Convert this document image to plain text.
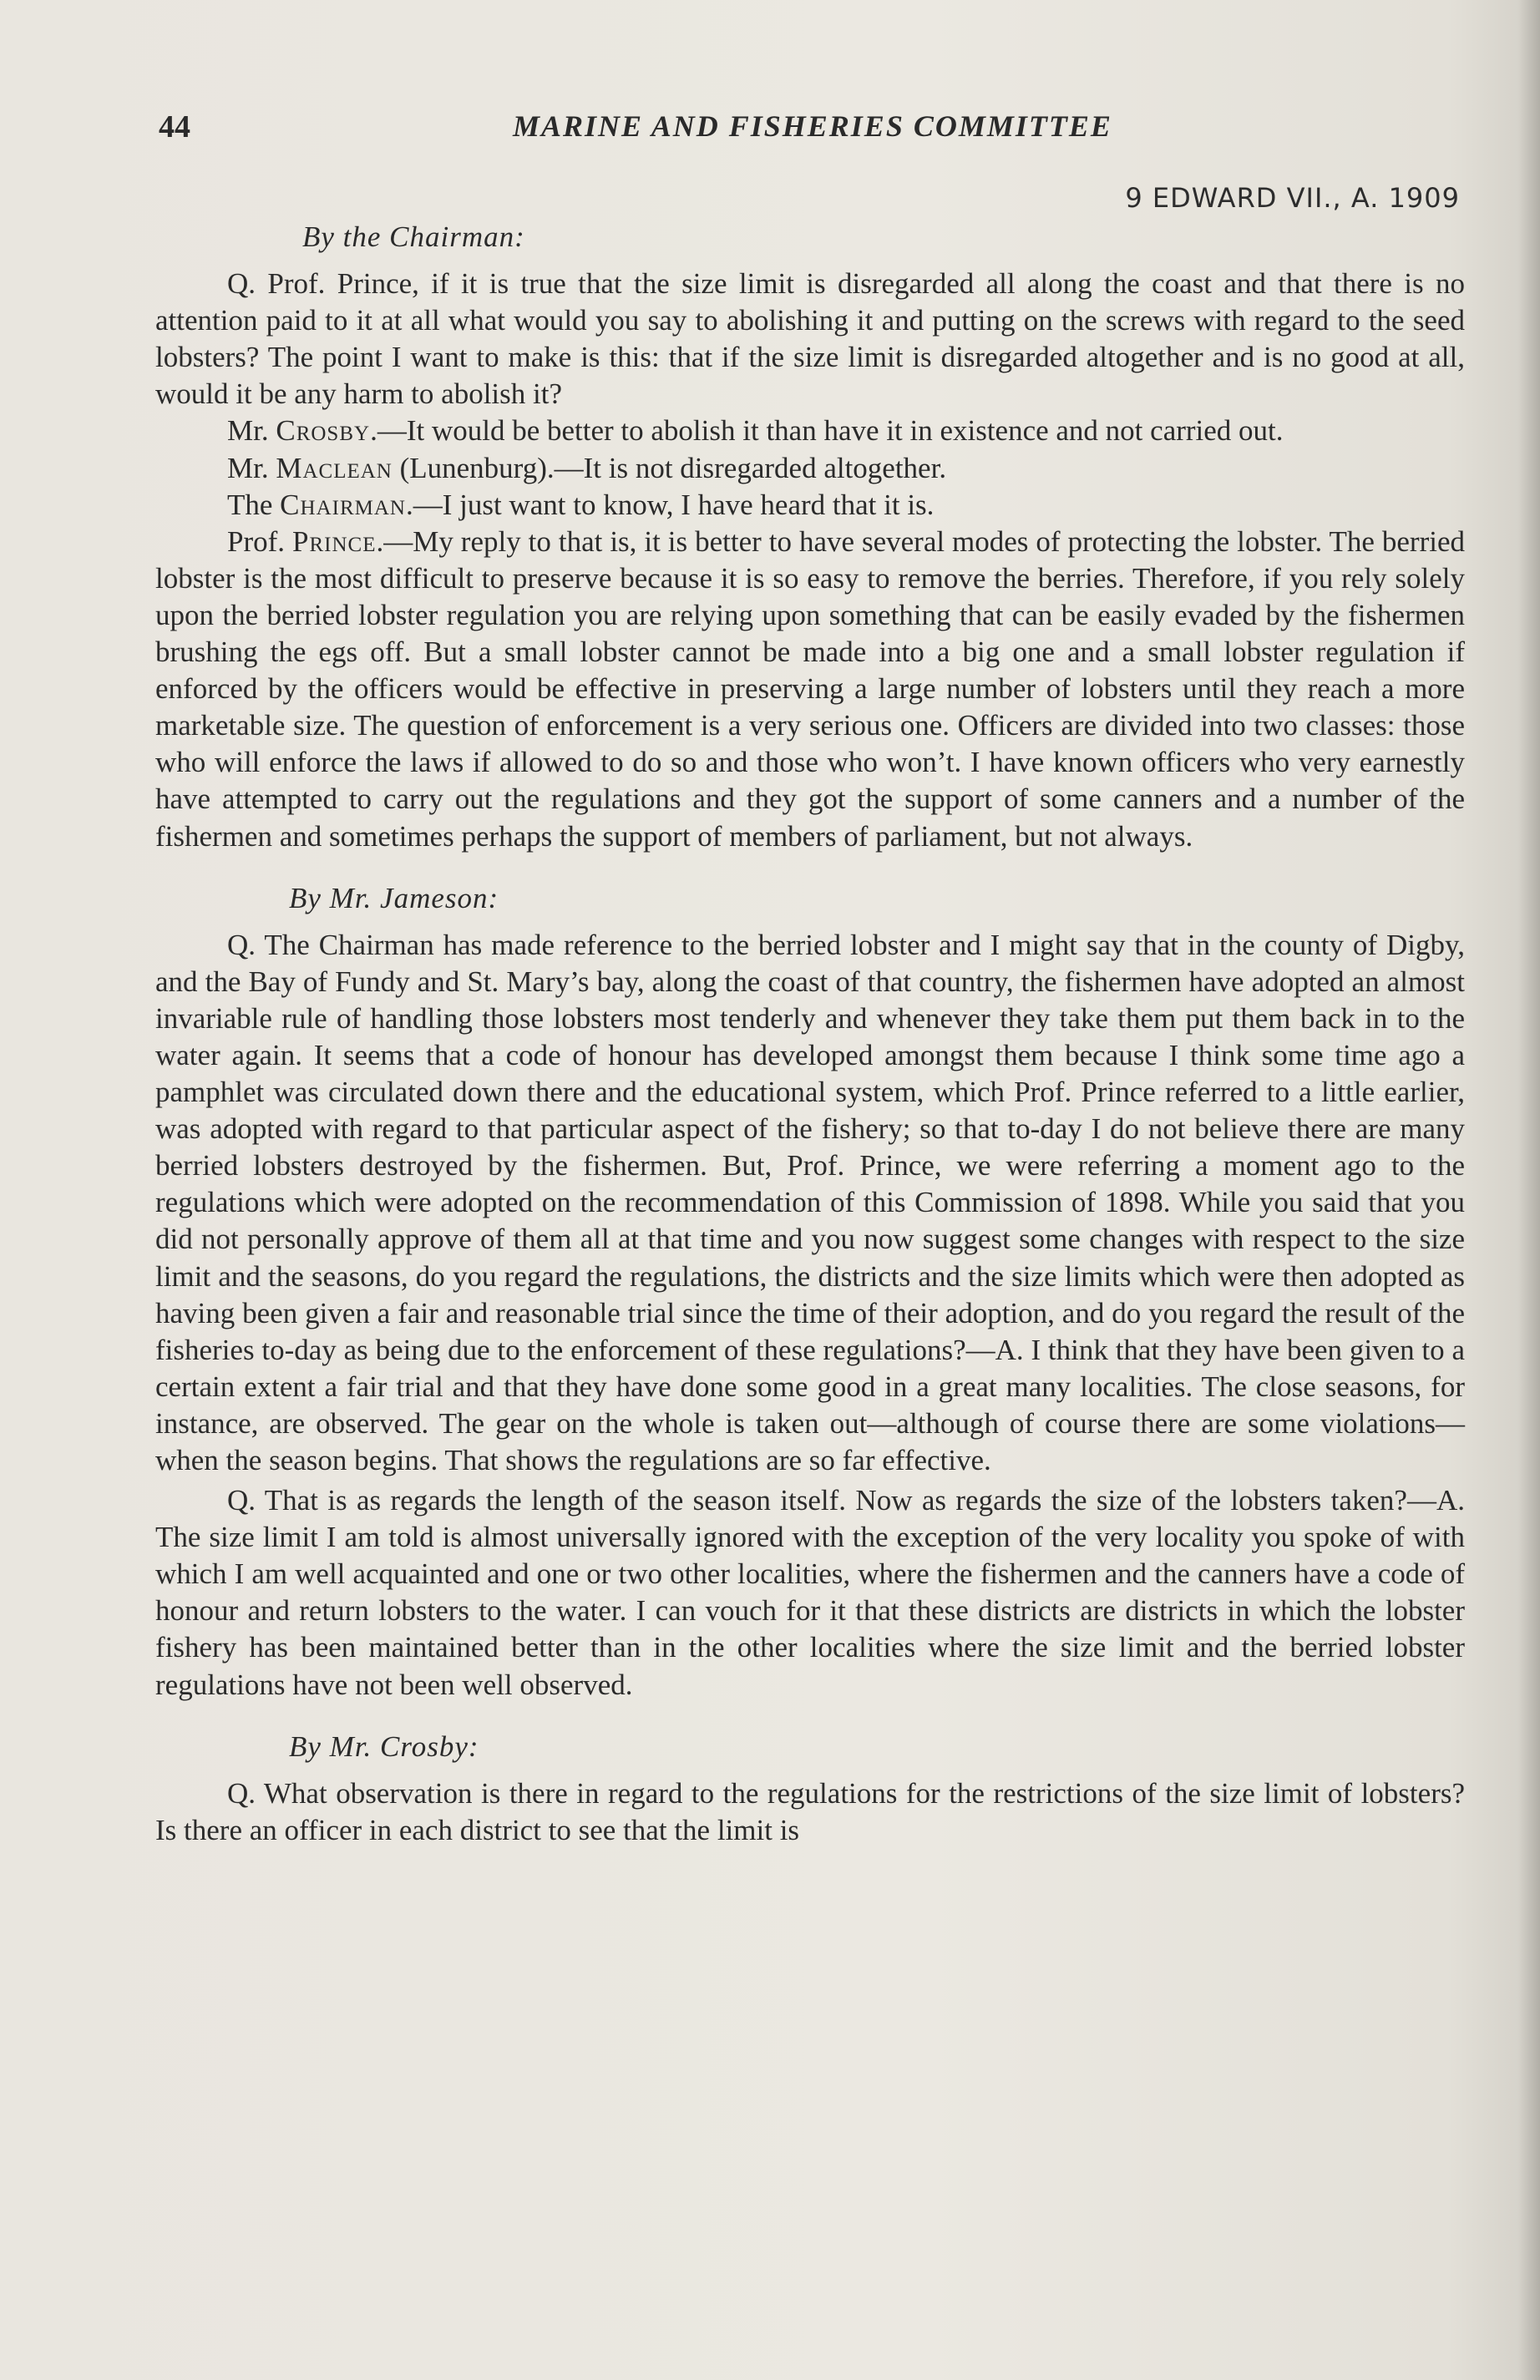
44	MARINE AND FISHERIES COMMITTEE
9 EDWARD VII., A. 1909
By the Chairman:

Q. Prof. Prince, if it is true that the size limit is disregarded all along the coast and that there is no attention paid to it at all what would you say to abolishing it and putting on the screws with regard to the seed lobsters? The point I want to make is this: that if the size limit is disregarded altogether and is no good at all, would it be any harm to abolish it?

Mr. Crosby.—It would be better to abolish it than have it in existence and not carried out.

Mr. Maclean (Lunenburg).—It is not disregarded altogether.

The Chairman.—I just want to know, I have heard that it is.

Prof. Prince.—My reply to that is, it is better to have several modes of protecting the lobster. The berried lobster is the most difficult to preserve because it is so easy to remove the berries. Therefore, if you rely solely upon the berried lobster regulation you are relying upon something that can be easily evaded by the fishermen brushing the egs off. But a small lobster cannot be made into a big one and a small lobster regulation if enforced by the officers would be effective in preserving a large number of lobsters until they reach a more marketable size. The question of enforcement is a very serious one. Officers are divided into two classes: those who will enforce the laws if allowed to do so and those who won’t. I have known officers who very earnestly have attempted to carry out the regulations and they got the support of some canners and a number of the fishermen and sometimes perhaps the support of members of parliament, but not always.

By Mr. Jameson:

Q. The Chairman has made reference to the berried lobster and I might say that in the county of Digby, and the Bay of Fundy and St. Mary’s bay, along the coast of that country, the fishermen have adopted an almost invariable rule of handling those lobsters most tenderly and whenever they take them put them back in to the water again. It seems that a code of honour has developed amongst them because I think some time ago a pamphlet was circulated down there and the educational system, which Prof. Prince referred to a little earlier, was adopted with regard to that particular aspect of the fishery; so that to-day I do not believe there are many berried lobsters destroyed by the fishermen. But, Prof. Prince, we were referring a moment ago to the regulations which were adopted on the recommendation of this Commission of 1898. While you said that you did not personally approve of them all at that time and you now suggest some changes with respect to the size limit and the seasons, do you regard the regulations, the districts and the size limits which were then adopted as having been given a fair and reasonable trial since the time of their adoption, and do you regard the result of the fisheries to-day as being due to the enforcement of these regulations?—A. I think that they have been given to a certain extent a fair trial and that they have done some good in a great many localities. The close seasons, for instance, are observed. The gear on the whole is taken out—although of course there are some violations—when the season begins. That shows the regulations are so far effective.

Q. That is as regards the length of the season itself. Now as regards the size of the lobsters taken?—A. The size limit I am told is almost universally ignored with the exception of the very locality you spoke of with which I am well acquainted and one or two other localities, where the fishermen and the canners have a code of honour and return lobsters to the water. I can vouch for it that these districts are districts in which the lobster fishery has been maintained better than in the other localities where the size limit and the berried lobster regulations have not been well observed.

By Mr. Crosby:

Q. What observation is there in regard to the regulations for the restrictions of the size limit of lobsters? Is there an officer in each district to see that the limit is
